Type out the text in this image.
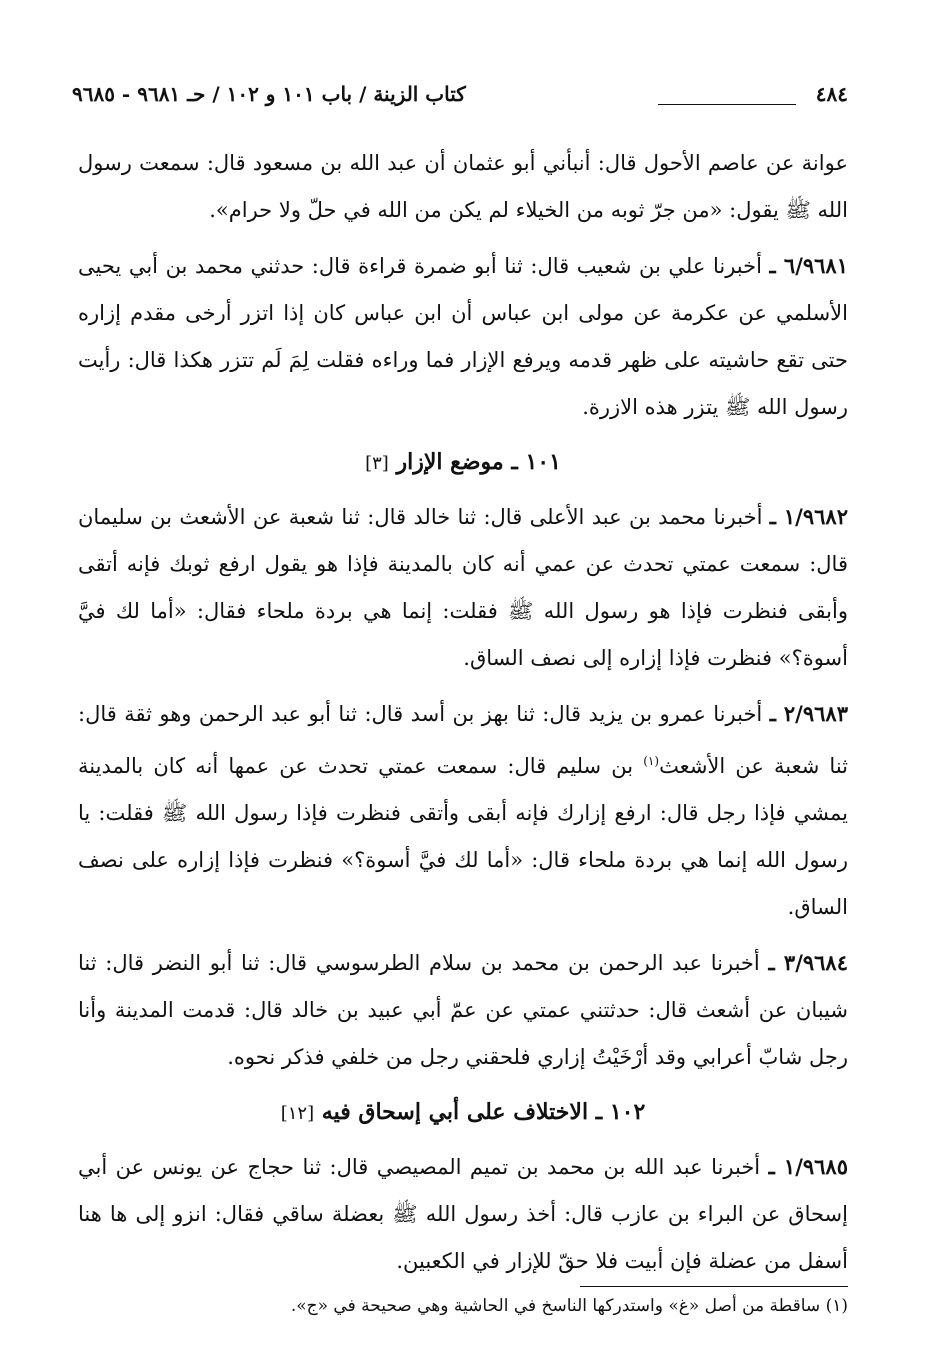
٤٨٤
كتاب الزينة / باب ١٠١ و ١٠٢ / حـ ٩٦٨١ - ٩٦٨٥

عوانة عن عاصم الأحول قال: أنبأني أبو عثمان أن عبد الله بن مسعود قال: سمعت رسول الله ﷺ يقول: «من جرّ ثوبه من الخيلاء لم يكن من الله في حلّ ولا حرام».

٦/٩٦٨١ ـ أخبرنا علي بن شعيب قال: ثنا أبو ضمرة قراءة قال: حدثني محمد بن أبي يحيى الأسلمي عن عكرمة عن مولى ابن عباس أن ابن عباس كان إذا اتزر أرخى مقدم إزاره حتى تقع حاشيته على ظهر قدمه ويرفع الإزار فما وراءه فقلت لِمَ لَم تتزر هكذا قال: رأيت رسول الله ﷺ يتزر هذه الازرة.

١٠١ ـ موضع الإزار [٣]

١/٩٦٨٢ ـ أخبرنا محمد بن عبد الأعلى قال: ثنا خالد قال: ثنا شعبة عن الأشعث بن سليمان قال: سمعت عمتي تحدث عن عمي أنه كان بالمدينة فإذا هو يقول ارفع ثوبك فإنه أتقى وأبقى فنظرت فإذا هو رسول الله ﷺ فقلت: إنما هي بردة ملحاء فقال: «أما لك فيَّ أسوة؟» فنظرت فإذا إزاره إلى نصف الساق.

٢/٩٦٨٣ ـ أخبرنا عمرو بن يزيد قال: ثنا بهز بن أسد قال: ثنا أبو عبد الرحمن وهو ثقة قال: ثنا شعبة عن الأشعث$^{(١)}$ بن سليم قال: سمعت عمتي تحدث عن عمها أنه كان بالمدينة يمشي فإذا رجل قال: ارفع إزارك فإنه أبقى وأتقى فنظرت فإذا رسول الله ﷺ فقلت: يا رسول الله إنما هي بردة ملحاء قال: «أما لك فيَّ أسوة؟» فنظرت فإذا إزاره على نصف الساق.

٣/٩٦٨٤ ـ أخبرنا عبد الرحمن بن محمد بن سلام الطرسوسي قال: ثنا أبو النضر قال: ثنا شيبان عن أشعث قال: حدثتني عمتي عن عمّ أبي عبيد بن خالد قال: قدمت المدينة وأنا رجل شابّ أعرابي وقد أرْخَيْتُ إزاري فلحقني رجل من خلفي فذكر نحوه.

١٠٢ ـ الاختلاف على أبي إسحاق فيه [١٢]

١/٩٦٨٥ ـ أخبرنا عبد الله بن محمد بن تميم المصيصي قال: ثنا حجاج عن يونس عن أبي إسحاق عن البراء بن عازب قال: أخذ رسول الله ﷺ بعضلة ساقي فقال: انزو إلى ها هنا أسفل من عضلة فإن أبيت فلا حقّ للإزار في الكعبين.

(١) ساقطة من أصل «غ» واستدركها الناسخ في الحاشية وهي صحيحة في «ج».
